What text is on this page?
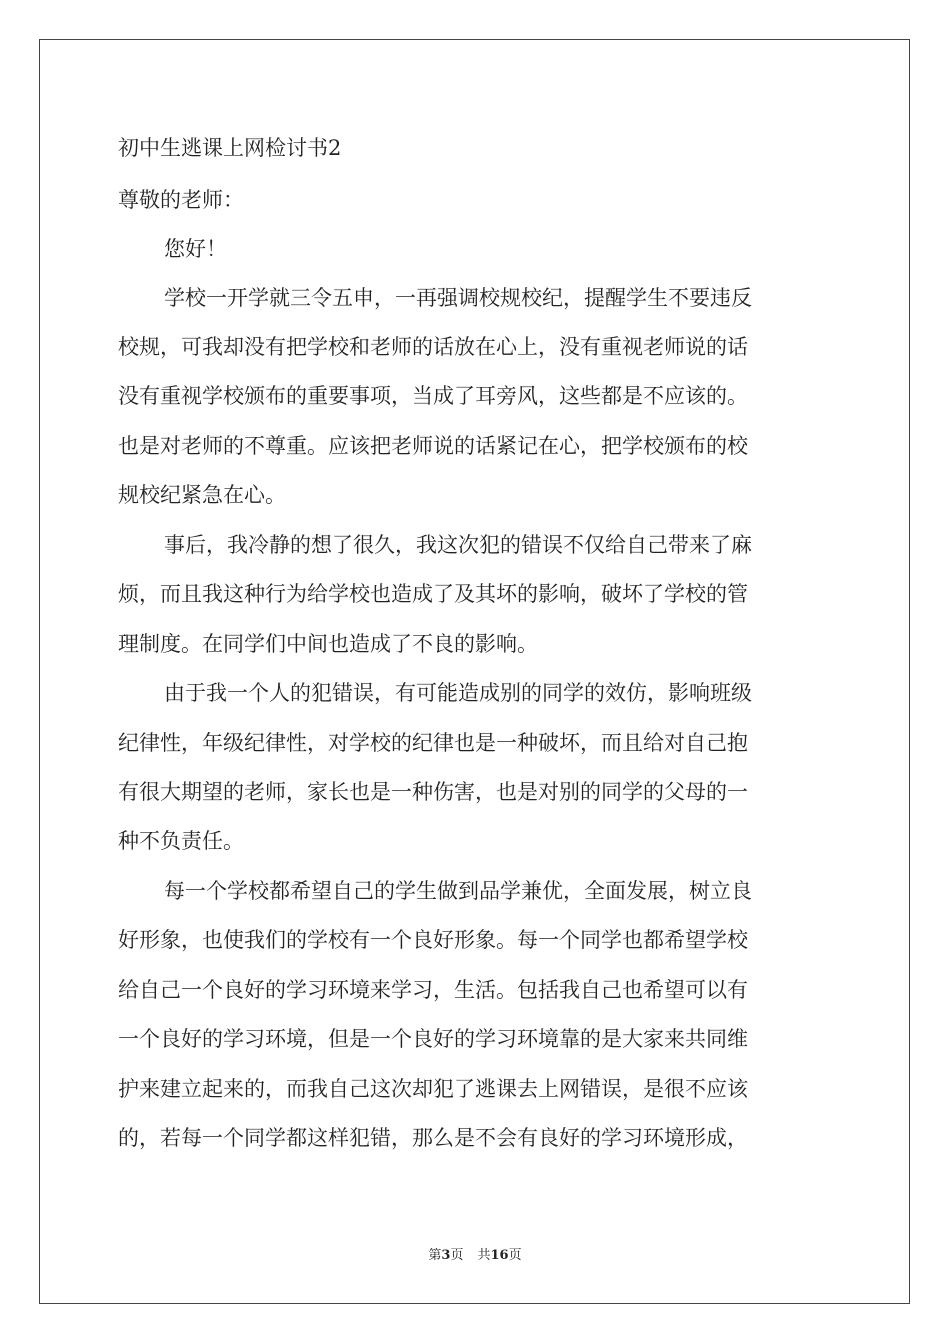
初中生逃课上网检讨书2
尊敬的老师：
您好！
学校一开学就三令五申，一再强调校规校纪，提醒学生不要违反
校规，可我却没有把学校和老师的话放在心上，没有重视老师说的话
没有重视学校颁布的重要事项，当成了耳旁风，这些都是不应该的。
也是对老师的不尊重。应该把老师说的话紧记在心，把学校颁布的校
规校纪紧急在心。
事后，我冷静的想了很久，我这次犯的错误不仅给自己带来了麻
烦，而且我这种行为给学校也造成了及其坏的影响，破坏了学校的管
理制度。在同学们中间也造成了不良的影响。
由于我一个人的犯错误，有可能造成别的同学的效仿，影响班级
纪律性，年级纪律性，对学校的纪律也是一种破坏，而且给对自己抱
有很大期望的老师，家长也是一种伤害，也是对别的同学的父母的一
种不负责任。
每一个学校都希望自己的学生做到品学兼优，全面发展，树立良
好形象，也使我们的学校有一个良好形象。每一个同学也都希望学校
给自己一个良好的学习环境来学习，生活。包括我自己也希望可以有
一个良好的学习环境，但是一个良好的学习环境靠的是大家来共同维
护来建立起来的，而我自己这次却犯了逃课去上网错误，是很不应该
的，若每一个同学都这样犯错，那么是不会有良好的学习环境形成，
第3页 共16页
